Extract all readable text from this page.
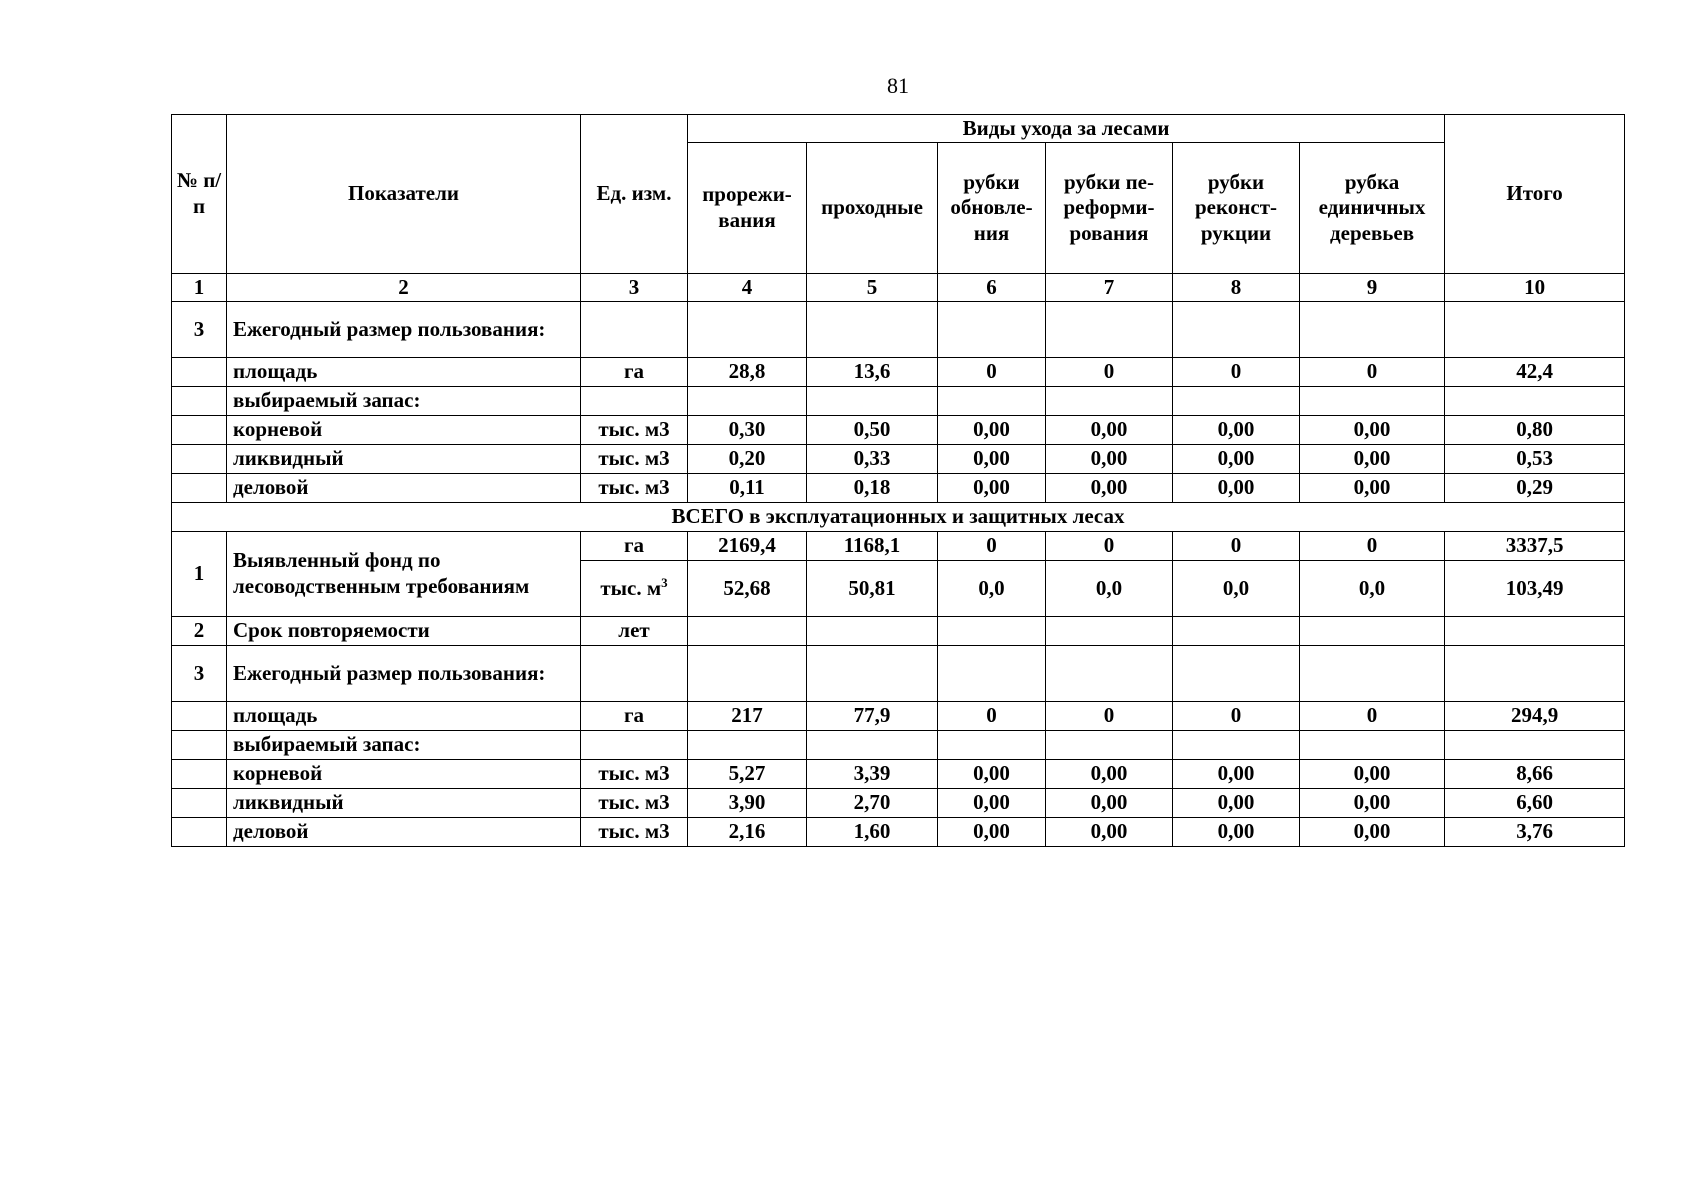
81
№ п/п	Показатели	Ед. изм.	Виды ухода за лесами						Итого
			прорежи-вания	проходные	рубки обновле-ния	рубки пе-реформи-рования	рубки реконст-рукции	рубка единичных деревьев	
1	2	3	4	5	6	7	8	9	10
3	Ежегодный размер пользования:								
	площадь	га	28,8	13,6	0	0	0	0	42,4
	выбираемый запас:								
	корневой	тыс. м3	0,30	0,50	0,00	0,00	0,00	0,00	0,80
	ликвидный	тыс. м3	0,20	0,33	0,00	0,00	0,00	0,00	0,53
	деловой	тыс. м3	0,11	0,18	0,00	0,00	0,00	0,00	0,29
ВСЕГО в эксплуатационных и защитных лесах									
1	Выявленный фонд по лесоводственным требованиям	га	2169,4	1168,1	0	0	0	0	3337,5
		тыс. $м^3$	52,68	50,81	0,0	0,0	0,0	0,0	103,49
2	Срок повторяемости	лет							
3	Ежегодный размер пользования:								
	площадь	га	217	77,9	0	0	0	0	294,9
	выбираемый запас:								
	корневой	тыс. м3	5,27	3,39	0,00	0,00	0,00	0,00	8,66
	ликвидный	тыс. м3	3,90	2,70	0,00	0,00	0,00	0,00	6,60
	деловой	тыс. м3	2,16	1,60	0,00	0,00	0,00	0,00	3,76
